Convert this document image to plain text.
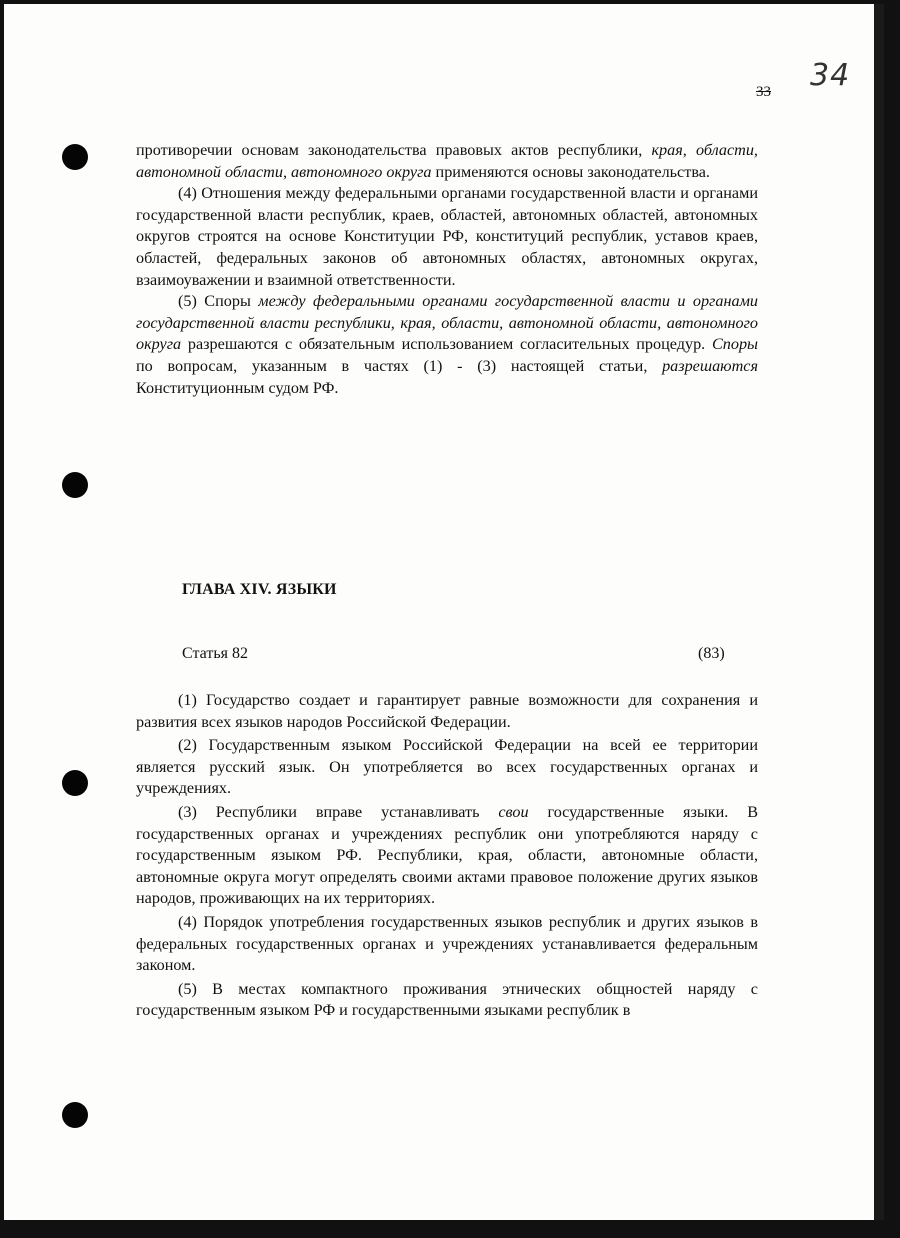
33 34

противоречии основам законодательства правовых актов республики, края, области, автономной области, автономного округа применяются основы законодательства.

(4) Отношения между федеральными органами государственной власти и органами государственной власти республик, краев, областей, автономных областей, автономных округов строятся на основе Конституции РФ, конституций республик, уставов краев, областей, федеральных законов об автономных областях, автономных округах, взаимоуважении и взаимной ответственности.

(5) Споры между федеральными органами государственной власти и органами государственной власти республики, края, области, автономной области, автономного округа разрешаются с обязательным использованием согласительных процедур. Споры по вопросам, указанным в частях (1) - (3) настоящей статьи, разрешаются Конституционным судом РФ.

ГЛАВА XIV. ЯЗЫКИ
Статья 82	(83)

(1) Государство создает и гарантирует равные возможности для сохранения и развития всех языков народов Российской Федерации.

(2) Государственным языком Российской Федерации на всей ее территории является русский язык. Он употребляется во всех государственных органах и учреждениях.

(3) Республики вправе устанавливать свои государственные языки. В государственных органах и учреждениях республик они употребляются наряду с государственным языком РФ. Республики, края, области, автономные области, автономные округа могут определять своими актами правовое положение других языков народов, проживающих на их территориях.

(4) Порядок употребления государственных языков республик и других языков в федеральных государственных органах и учреждениях устанавливается федеральным законом.

(5) В местах компактного проживания этнических общностей наряду с государственным языком РФ и государственными языками республик в
